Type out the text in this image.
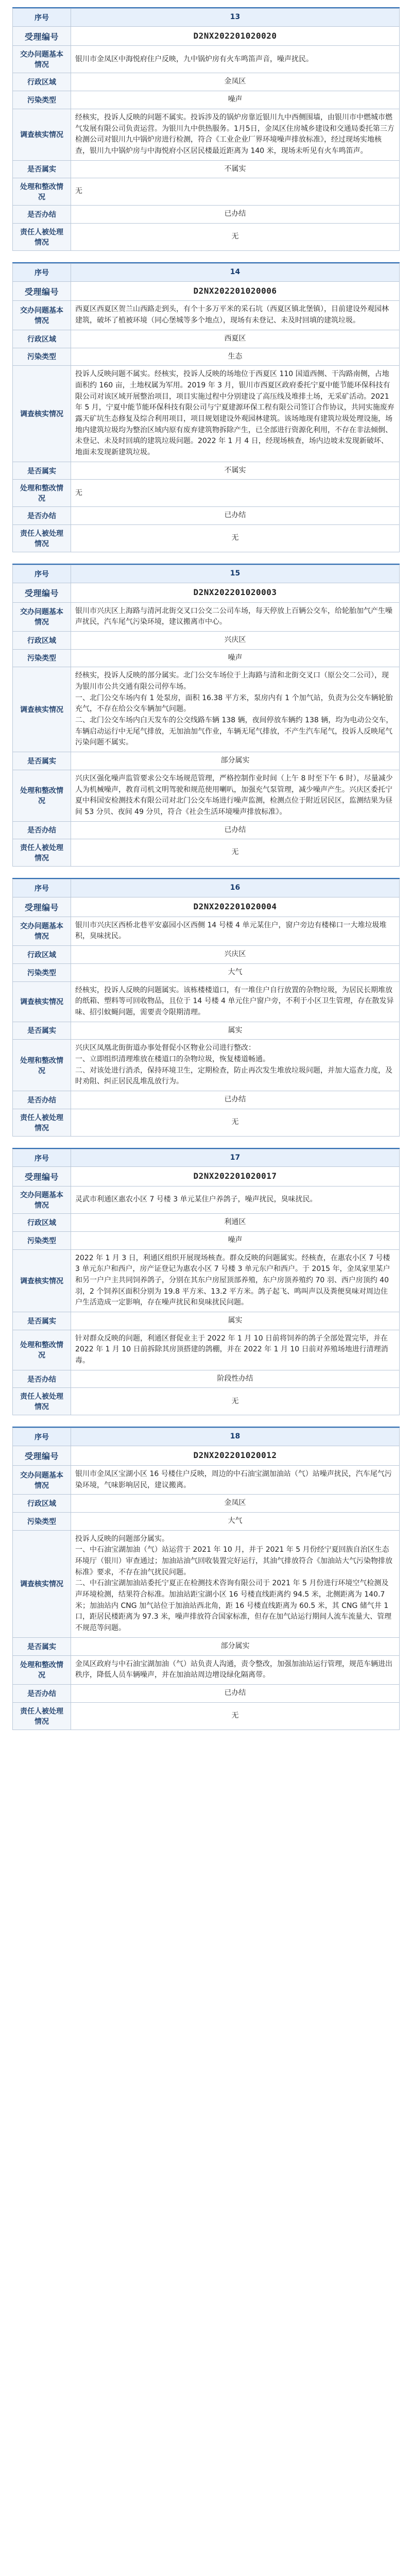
序号	13
受理编号	D2NX202201020020
交办问题基本情况	银川市金凤区中海悦府住户反映，九中锅炉房有火车鸣笛声音，噪声扰民。
行政区域	金凤区
污染类型	噪声
调查核实情况	经核实，投诉人反映的问题不属实。投诉涉及的锅炉房靠近银川九中西侧围墙，由银川市中燃城市燃气发展有限公司负责运营。为银川九中供热服务。1月5日，金凤区住房城乡建设和交通局委托第三方检测公司对银川九中锅炉房进行检测，符合《工业企业厂界环境噪声排放标准》，经过现场实地核查，银川九中锅炉房与中海悦府小区居民楼最近距离为 140 米，现场未听见有火车鸣笛声。
是否属实	不属实
处理和整改情况	无
是否办结	已办结
责任人被处理情况	无
序号	14
受理编号	D2NX202201020006
交办问题基本情况	西夏区西夏区贺兰山西路走到头，有个十多万平米的采石坑（西夏区镇北堡镇），目前建设外观园林建筑，破坏了植被环境（同心堡城等多个地点），现场有未登记、未及时回填的建筑垃圾。
行政区域	西夏区
污染类型	生态
调查核实情况	投诉人反映问题不属实。经核实，投诉人反映的场地位于西夏区 110 国道西侧、干沟路南侧，占地面积约 160 亩，土地权属为军用。2019 年 3 月，银川市西夏区政府委托宁夏中能节能环保科技有限公司对该区域开展整治项目，项目实施过程中分别建设了高压线及堆排土场，无采矿活动。2021 年 5 月，宁夏中能节能环保科技有限公司与宁夏建源环保工程有限公司签订合作协议，共同实施废弃露天矿坑生态修复及综合利用项目，项目规划建设外观园林建筑。该场地现有建筑垃圾处理设施，场地内建筑垃圾均为整治区域内原有废弃建筑物拆除产生，已全部进行资源化利用，不存在非法倾倒、未登记、未及时回填的建筑垃圾问题。2022 年 1 月 4 日，经现场核查，场内边坡未发现新破坏、地面未发现新建筑垃圾。
是否属实	不属实
处理和整改情况	无
是否办结	已办结
责任人被处理情况	无
序号	15
受理编号	D2NX202201020003
交办问题基本情况	银川市兴庆区上海路与清河北街交叉口公交二公司车场，每天停放上百辆公交车，给轮胎加气产生噪声扰民，汽车尾气污染环境，建议搬离市中心。
行政区域	兴庆区
污染类型	噪声
调查核实情况	经核实，投诉人反映的部分属实。北门公交车场位于上海路与清和北街交叉口（原公交二公司），现为银川市公共交通有限公司停车场。
一、北门公交车场内有 1 处泵房，面积 16.38 平方米，泵房内有 1 个加气站，负责为公交车辆轮胎充气，不存在给公交车辆加气问题。
二、北门公交车场内白天发车的公交线路车辆 138 辆，夜间停放车辆约 138 辆，均为电动公交车，车辆启动运行中无尾气排放，无加油加气作业，车辆无尾气排放，不产生汽车尾气，投诉人反映尾气污染问题不属实。
是否属实	部分属实
处理和整改情况	兴庆区强化噪声监管要求公交车场规范管理，严格控制作业时间（上午 8 时至下午 6 时），尽量减少人为机械噪声，教育司机文明驾驶和规范使用喇叭，加强充气泵管理，减少噪声产生。兴庆区委托宁夏中科国安检测技术有限公司对北门公交车场进行噪声监测，检测点位于附近居民区，监测结果为昼间 53 分贝、夜间 49 分贝，符合《社会生活环境噪声排放标准》。
是否办结	已办结
责任人被处理情况	无
序号	16
受理编号	D2NX202201020004
交办问题基本情况	银川市兴庆区西桥北巷平安嘉园小区西侧 14 号楼 4 单元某住户，窗户旁边有楼梯口一大堆垃圾堆积，臭味扰民。
行政区域	兴庆区
污染类型	大气
调查核实情况	经核实，投诉人反映的问题属实。该栋楼楼道口，有一堆住户自行放置的杂物垃圾，为居民长期堆放的纸箱、塑料等可回收物品，且位于 14 号楼 4 单元住户窗户旁，不利于小区卫生管理，存在散发异味、招引蚊蝇问题，需要责令限期清理。
是否属实	属实
处理和整改情况	兴庆区凤凰北街街道办事处督促小区物业公司进行整改：
一、立即组织清理堆放在楼道口的杂物垃圾，恢复楼道畅通。
二、对该处进行消杀，保持环境卫生，定期检查，防止再次发生堆放垃圾问题，并加大巡查力度，及时劝阻、纠正居民乱堆乱放行为。
是否办结	已办结
责任人被处理情况	无
序号	17
受理编号	D2NX202201020017
交办问题基本情况	灵武市利通区惠农小区 7 号楼 3 单元某住户养鸽子，噪声扰民，臭味扰民。
行政区域	利通区
污染类型	噪声
调查核实情况	2022 年 1 月 3 日，利通区组织开展现场核查。群众反映的问题属实。经核查，在惠农小区 7 号楼 3 单元东户和西户，房产证登记为惠农小区 7 号楼 3 单元东户和西户。于 2015 年，金凤家里某户和另一户户主共同饲养鸽子，分别在其东户房屋顶部养殖，东户房顶养殖约 70 羽、西户房顶约 40 羽，2 个饲养区面积分别为 19.8 平方米、13.2 平方米。鸽子起飞、鸣叫声以及粪便臭味对周边住户生活造成一定影响，存在噪声扰民和臭味扰民问题。
是否属实	属实
处理和整改情况	针对群众反映的问题，利通区督促业主于 2022 年 1 月 10 日前将饲养的鸽子全部处置完毕，并在 2022 年 1 月 10 日前拆除其房顶搭建的鸽棚，并在 2022 年 1 月 10 日前对养殖场地进行清理消毒。
是否办结	阶段性办结
责任人被处理情况	无
序号	18
受理编号	D2NX202201020012
交办问题基本情况	银川市金凤区宝湖小区 16 号楼住户反映，周边的中石油宝湖加油站（气）站噪声扰民，汽车尾气污染环境，气味影响居民，建议搬离。
行政区域	金凤区
污染类型	大气
调查核实情况	投诉人反映的问题部分属实。
一、中石油宝湖加油（气）站运营于 2021 年 10 月，并于 2021 年 5 月份经宁夏回族自治区生态环境厅（银川）审查通过；加油站油气回收装置完好运行，其油气排放符合《加油站大气污染物排放标准》要求，不存在油气扰民问题。
二、中石油宝湖加油站委托宁夏正在检测技术咨询有限公司于 2021 年 5 月份进行环境空气检测及声环境检测，结果符合标准。加油站距宝湖小区 16 号楼直线距离约 94.5 米，北侧距离为 140.7 米；加油站内 CNG 加气站位于加油站西北角，距 16 号楼直线距离为 60.5 米，其 CNG 储气井 1 口，距居民楼距离为 97.3 米，噪声排放符合国家标准，但存在加气站运行期间人流车流量大、管理不规范等问题。
是否属实	部分属实
处理和整改情况	金凤区政府与中石油宝湖加油（气）站负责人沟通，责令整改，加强加油站运行管理，规范车辆进出秩序，降低人员车辆噪声，并在加油站周边增设绿化隔离带。
是否办结	已办结
责任人被处理情况	无
